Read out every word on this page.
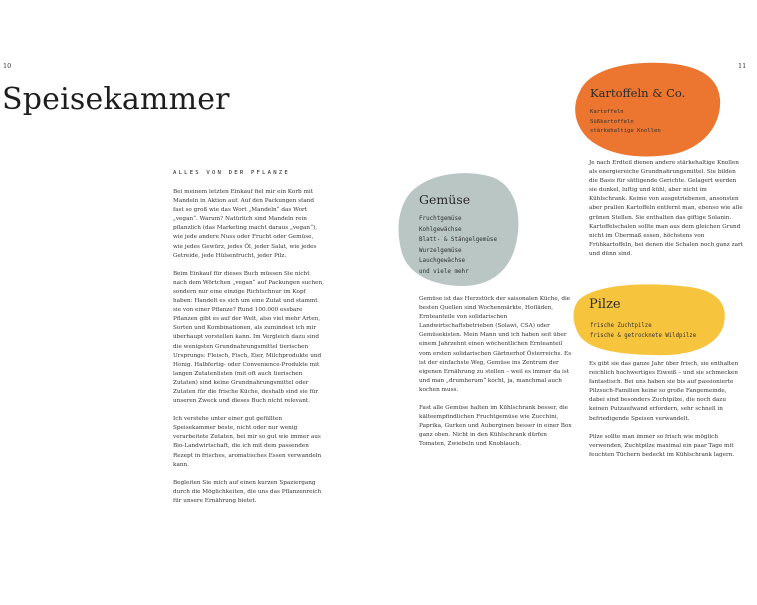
10	11
Speisekammer
ALLES VON DER PFLANZE

Bei meinem letzten Einkauf fiel mir ein Korb mit Mandeln in Aktion auf. Auf den Packungen stand fast so groß wie das Wort „Mandeln“ das Wort „vegan“. Warum? Natürlich sind Mandeln rein pflanzlich (das Marketing macht daraus „vegan“), wie jede andere Nuss oder Frucht oder Gemüse, wie jedes Gewürz, jedes Öl, jeder Salat, wie jedes Getreide, jede Hülsenfrucht, jeder Pilz.

Beim Einkauf für dieses Buch müssen Sie nicht nach dem Wörtchen „vegan“ auf Packungen suchen, sondern nur eine einzige Richtschnur im Kopf haben: Handelt es sich um eine Zutat und stammt sie von einer Pflanze? Rund 100.000 essbare Pflanzen gibt es auf der Welt, also viel mehr Arten, Sorten und Kombinationen, als zumindest ich mir überhaupt vorstellen kann. Im Vergleich dazu sind die wenigsten Grundnahrungsmittel tierischen Ursprungs: Fleisch, Fisch, Eier, Milchprodukte und Honig. Halbfertig- oder Convenience-Produkte mit langen Zutatenlisten (mit oft auch tierischen Zutaten) sind keine Grundnahrungsmittel oder Zutaten für die frische Küche, deshalb sind sie für unseren Zweck und dieses Buch nicht relevant.

Ich verstehe unter einer gut gefüllten Speisekammer beste, nicht oder nur wenig verarbeitete Zutaten, bei mir so gut wie immer aus Bio-Landwirtschaft, die ich mit dem passenden Rezept in frisches, aromatisches Essen verwandeln kann.

Begleiten Sie mich auf einen kurzen Spaziergang durch die Möglichkeiten, die uns das Pflanzenreich für unsere Ernährung bietet.

Gemüse
Fruchtgemüse
Kohlgewächse
Blatt- & Stängelgemüse
Wurzelgemüse
Lauchgewächse
und viele mehr

Gemüse ist das Herzstück der saisonalen Küche, die besten Quellen sind Wochenmärkte, Hofläden, Ernteanteile von solidarischen Landwirtschaftsbetrieben (Solawi, CSA) oder Gemüsekisten. Mein Mann und ich haben seit über einem Jahrzehnt einen wöchentlichen Ernteanteil vom ersten solidarischen Gärtnerhof Österreichs. Es ist der einfachste Weg, Gemüse ins Zentrum der eigenen Ernährung zu stellen – weil es immer da ist und man „drumherum“ kocht, ja, manchmal auch kochen muss.

Fast alle Gemüse halten im Kühlschrank besser, die kälteempfindlichen Fruchtgemüse wie Zucchini, Paprika, Gurken und Auberginen besser in einer Box ganz oben. Nicht in den Kühlschrank dürfen Tomaten, Zwiebeln und Knoblauch.

Kartoffeln & Co.
Kartoffeln
Süßkartoffeln
stärkehaltige Knollen

Je nach Erdteil dienen andere stärkehaltige Knollen als energiereiche Grundnahrungsmittel. Sie bilden die Basis für sättigende Gerichte. Gelagert werden sie dunkel, luftig und kühl, aber nicht im Kühlschrank. Keime von ausgetriebenen, ansonsten aber prallen Kartoffeln entfernt man, ebenso wie alle grünen Stellen. Sie enthalten das giftige Solanin. Kartoffelschalen sollte man aus dem gleichen Grund nicht im Übermaß essen, höchstens von Frühkartoffeln, bei denen die Schalen noch ganz zart und dünn sind.

Pilze
frische Zuchtpilze
frische & getrocknete Wildpilze

Es gibt sie das ganze Jahr über frisch, sie enthalten reichlich hochwertiges Eiweiß – und sie schmecken fantastisch. Bei uns haben sie bis auf passionierte Pilzsuch-Familien keine so große Fangemeinde, dabei sind besonders Zuchtpilze, die noch dazu keinen Putzaufwand erfordern, sehr schnell in befriedigende Speisen verwandelt.

Pilze sollte man immer so frisch wie möglich verwenden, Zuchtpilze maximal ein paar Tage mit feuchten Tüchern bedeckt im Kühlschrank lagern.
